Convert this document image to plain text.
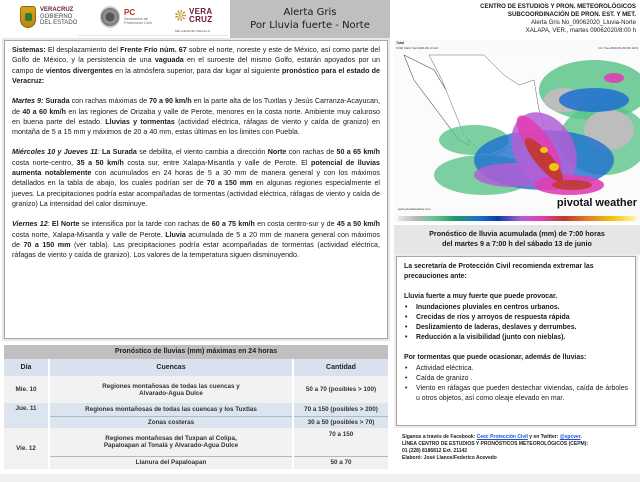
VERACRUZ
GOBIERNO
DEL ESTADO
PC
Secretaría de
Protección Civil
VERA
CRUZ
ME LLENA DE ORGULLO
Alerta Gris
Por Lluvia fuerte - Norte
CENTRO DE ESTUDIOS Y PRON. METEOROLÓGICOS
SUBCOORDINACIÓN DE PRON. EST. Y MET.
Alerta Gris No_09062020_Lluvia-Norte
XALAPA, VER., martes 09062020/8:00 h

Sistemas: El desplazamiento del Frente Frío núm. 67 sobre el norte, noreste y este de México, así como parte del Golfo de México, y la persistencia de una vaguada en el suroeste del mismo Golfo, estarán apoyados por un campo de vientos divergentes en la atmósfera superior, para dar lugar al siguiente pronóstico para el estado de Veracruz:

Martes 9: Surada con rachas máximas de 70 a 90 km/h en la parte alta de los Tuxtlas y Jesús Carranza-Acayucan, de 40 a 60 km/h en las regiones de Orizaba y valle de Perote, menores en la costa norte. Ambiente muy caluroso en buena parte del estado. Lluvias y tormentas (actividad eléctrica, ráfagas de viento y caída de granizo) en montaña de 5 a 15 mm y máximos de 20 a 40 mm, estas últimas en los limites con Puebla.

Miércoles 10 y Jueves 11: La Surada se debilita, el viento cambia a dirección Norte con rachas de 50 a 65 km/h costa norte-centro, 35 a 50 km/h costa sur, entre Xalapa-Misantla y valle de Perote. El potencial de lluvias aumenta notablemente con acumulados en 24 horas de 5 a 30 mm de manera general y con los máximos detallados en la tabla de abajo, los cuales podrían ser de 70 a 150 mm en algunas regiones especialmente el jueves. La precipitaciones podría estar acompañadas de tormentas (actividad eléctrica, ráfagas de viento y caída de granizo) La intensidad del calor disminuye.

Viernes 12: El Norte se intensifica por la tarde con rachas de 60 a 75 km/h en costa centro-sur y de 45 a 50 km/h costa norte, Xalapa-Misantla y valle de Perote. Lluvia acumulada de 5 a 20 mm de manera general con máximos de 70 a 150 mm (ver tabla). Las precipitaciones podría estar acompañadas de tormentas (actividad eléctrica, ráfagas de viento y caída de granizo). Los valores de la temperatura siguen disminuyendo.

Pronóstico de lluvias (mm) máximas en 24 horas
Día	Cuencas	Cantidad
Mie. 10	Regiones montañosas de todas las cuencas y Alvarado-Agua Dulce	50 a 70 (posibles > 100)
Jue. 11	Regiones montañosas de todas las cuencas y los Tuxtlas	70 a 150 (posibles > 200)
	Zonas costeras	30 a 50 (posibles > 70)
Vie. 12	Regiones montañosas del Tuxpan al Colipa, Papaloapan al Tonalá y Alvarado-Agua Dulce	70 a 150
	Llanura del Papaloapan	50 a 70
Total
FV02 Valid: Sat 2020-06-13 12z	Init: Tue 2020-06-09 06z GFS
pivotal weather
www.pivotalweather.com
Pronóstico de lluvia acumulada (mm) de 7:00 horas
del martes 9 a 7:00 h del sábado 13 de junio
La secretaría de Protección Civil recomienda extremar las precauciones ante:
Lluvia fuerte a muy fuerte que puede provocar.
• Inundaciones pluviales en centros urbanos.
• Crecidas de ríos y arroyos de respuesta rápida
• Deslizamiento de laderas, deslaves y derrumbes.
• Reducción a la visibilidad (junto con nieblas).
Por tormentas que puede ocasionar, además de lluvias:
• Actividad eléctrica.
• Caída de granizo .
• Viento en ráfagas que pueden destechar viviendas, caída de árboles u otros objetos, así como oleaje elevado en mar.
Síganos a través de Facebook: Ceec Protección Civil y en Twitter: @spcver.
LÍNEA CENTRO DE ESTUDIOS Y PRONÓSTICOS METEOROLÓGICOS (CEPM):
01 (228) 8186812 Ext. 21142
Elaboró: José Llanos/Federico Acevedo
